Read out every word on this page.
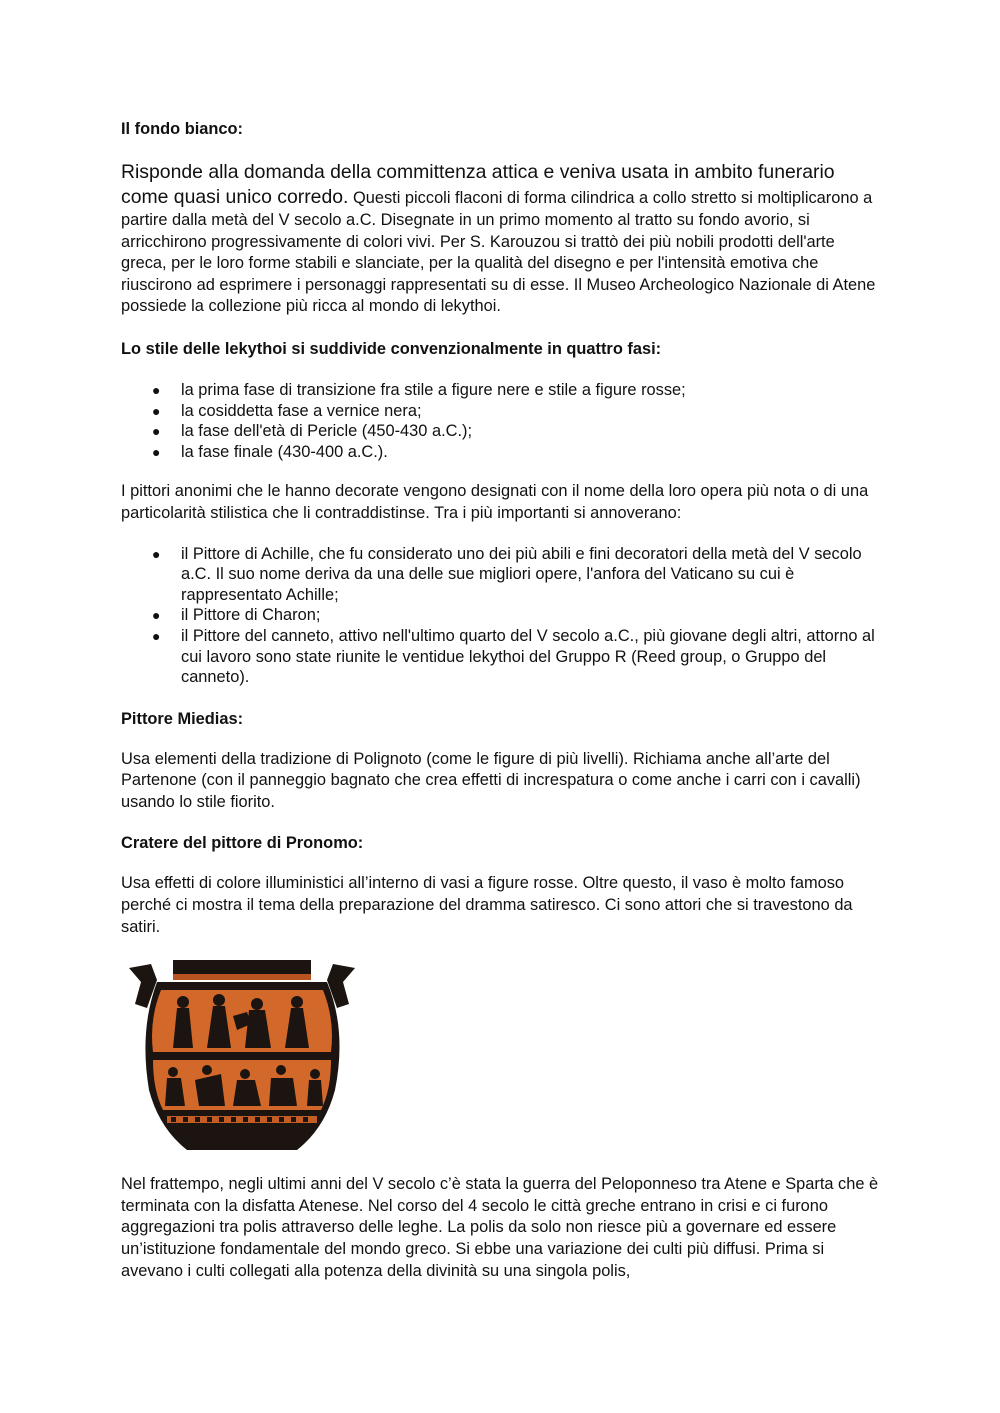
Il fondo bianco:

Risponde alla domanda della committenza attica e veniva usata in ambito funerario come quasi unico corredo. Questi piccoli flaconi di forma cilindrica a collo stretto si moltiplicarono a partire dalla metà del V secolo a.C. Disegnate in un primo momento al tratto su fondo avorio, si arricchirono progressivamente di colori vivi. Per S. Karouzou si trattò dei più nobili prodotti dell'arte greca, per le loro forme stabili e slanciate, per la qualità del disegno e per l'intensità emotiva che riuscirono ad esprimere i personaggi rappresentati su di esse. Il Museo Archeologico Nazionale di Atene possiede la collezione più ricca al mondo di lekythoi.

Lo stile delle lekythoi si suddivide convenzionalmente in quattro fasi:

● la prima fase di transizione fra stile a figure nere e stile a figure rosse;
● la cosiddetta fase a vernice nera;
● la fase dell'età di Pericle (450-430 a.C.);
● la fase finale (430-400 a.C.).

I pittori anonimi che le hanno decorate vengono designati con il nome della loro opera più nota o di una particolarità stilistica che li contraddistinse. Tra i più importanti si annoverano:

● il Pittore di Achille, che fu considerato uno dei più abili e fini decoratori della metà del V secolo a.C. Il suo nome deriva da una delle sue migliori opere, l'anfora del Vaticano su cui è rappresentato Achille;
● il Pittore di Charon;
● il Pittore del canneto, attivo nell'ultimo quarto del V secolo a.C., più giovane degli altri, attorno al cui lavoro sono state riunite le ventidue lekythoi del Gruppo R (Reed group, o Gruppo del canneto).

Pittore Miedias:

Usa elementi della tradizione di Polignoto (come le figure di più livelli). Richiama anche all’arte del Partenone (con il panneggio bagnato che crea effetti di increspatura o come anche i carri con i cavalli) usando lo stile fiorito.

Cratere del pittore di Pronomo:

Usa effetti di colore illuministici all’interno di vasi a figure rosse. Oltre questo, il vaso è molto famoso perché ci mostra il tema della preparazione del dramma satiresco. Ci sono attori che si travestono da satiri.

Nel frattempo, negli ultimi anni del V secolo c’è stata la guerra del Peloponneso tra Atene e Sparta che è terminata con la disfatta Atenese. Nel corso del 4 secolo le città greche entrano in crisi e ci furono aggregazioni tra polis attraverso delle leghe. La polis da solo non riesce più a governare ed essere un’istituzione fondamentale del mondo greco. Si ebbe una variazione dei culti più diffusi. Prima si avevano i culti collegati alla potenza della divinità su una singola polis,
